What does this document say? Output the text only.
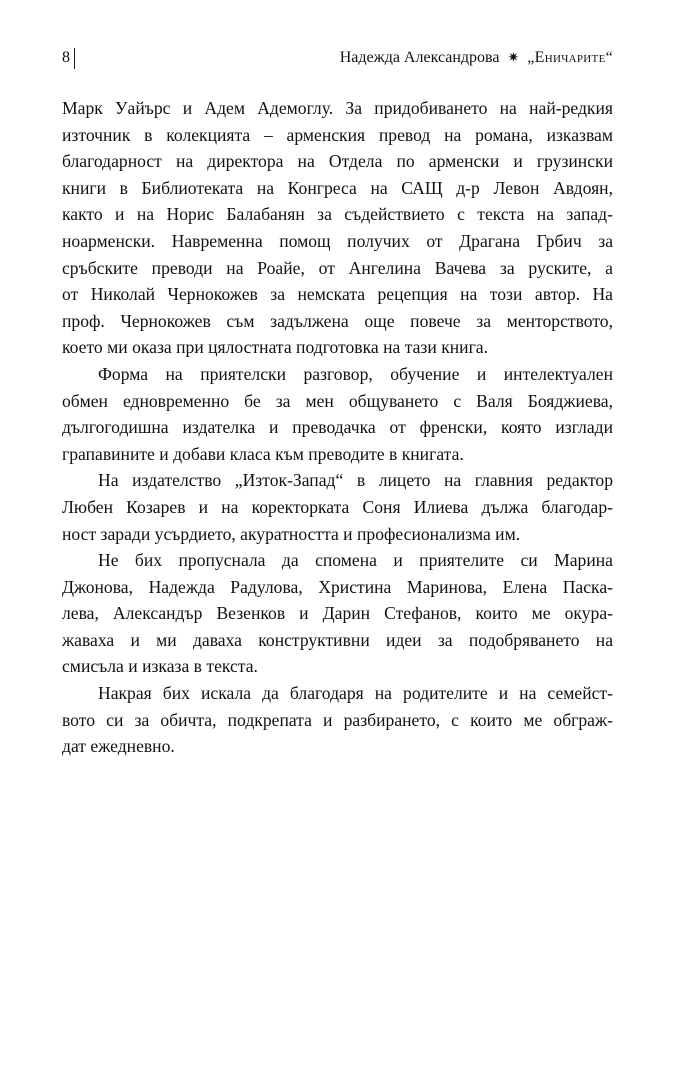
8	Надежда Александрова ✷ „Еничарите“
Марк Уайърс и Адем Адемоглу. За придобиването на най-редкия
източник в колекцията – арменския превод на романа, изказвам
благодарност на директора на Отдела по арменски и грузински
книги в Библиотеката на Конгреса на САЩ д-р Левон Авдоян,
както и на Норис Балабанян за съдействието с текста на запад-
ноарменски. Навременна помощ получих от Драгана Грбич за
сръбските преводи на Роайе, от Ангелина Вачева за руските, а
от Николай Чернокожев за немската рецепция на този автор. На
проф. Чернокожев съм задължена още повече за менторството,
което ми оказа при цялостната подготовка на тази книга.
Форма на приятелски разговор, обучение и интелектуален
обмен едновременно бе за мен общуването с Валя Бояджиева,
дългогодишна издателка и преводачка от френски, която изглади
грапавините и добави класа към преводите в книгата.
На издателство „Изток-Запад“ в лицето на главния редактор
Любен Козарев и на коректорката Соня Илиева дължа благодар-
ност заради усърдието, акуратността и професионализма им.
Не бих пропуснала да спомена и приятелите си Марина
Джонова, Надежда Радулова, Христина Маринова, Елена Паска-
лева, Александър Везенков и Дарин Стефанов, които ме окура-
жаваха и ми даваха конструктивни идеи за подобряването на
смисъла и изказа в текста.
Накрая бих искала да благодаря на родителите и на семейст-
вото си за обичта, подкрепата и разбирането, с които ме обграж-
дат ежедневно.
